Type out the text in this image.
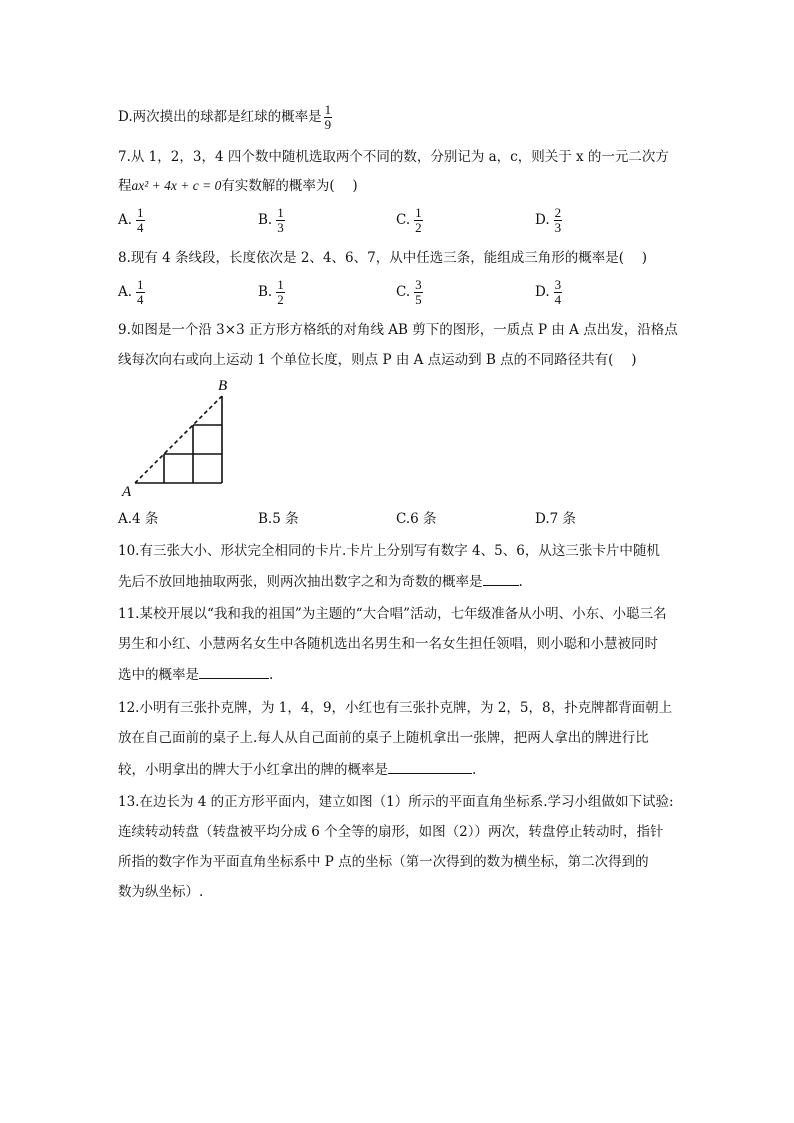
D.两次摸出的球都是红球的概率是 $\frac{1}{9}$
7.从 1，2，3，4 四个数中随机选取两个不同的数，分别记为 a，c，则关于 x 的一元二次方
程ax² + 4x + c = 0有实数解的概率为(　 )
A. $\frac{1}{4}$	B. $\frac{1}{3}$	C. $\frac{1}{2}$	D. $\frac{2}{3}$
8.现有 4 条线段，长度依次是 2、4、6、7，从中任选三条，能组成三角形的概率是(　 )
A. $\frac{1}{4}$	B. $\frac{1}{2}$	C. $\frac{3}{5}$	D. $\frac{3}{4}$
9.如图是一个沿 3×3 正方形方格纸的对角线 AB 剪下的图形，一质点 P 由 A 点出发，沿格点
线每次向右或向上运动 1 个单位长度，则点 P 由 A 点运动到 B 点的不同路径共有(　 )
A
B
A.4 条	B.5 条	C.6 条	D.7 条
10.有三张大小、形状完全相同的卡片.卡片上分别写有数字 4、5、6，从这三张卡片中随机
先后不放回地抽取两张，则两次抽出数字之和为奇数的概率是	.
11.某校开展以“我和我的祖国”为主题的“大合唱”活动，七年级准备从小明、小东、小聪三名
男生和小红、小慧两名女生中各随机选出名男生和一名女生担任领唱，则小聪和小慧被同时
选中的概率是	.
12.小明有三张扑克牌，为 1，4，9，小红也有三张扑克牌，为 2，5，8，扑克牌都背面朝上
放在自己面前的桌子上.每人从自己面前的桌子上随机拿出一张牌，把两人拿出的牌进行比
较，小明拿出的牌大于小红拿出的牌的概率是	.
13.在边长为 4 的正方形平面内，建立如图（1）所示的平面直角坐标系.学习小组做如下试验:
连续转动转盘（转盘被平均分成 6 个全等的扇形，如图（2））两次，转盘停止转动时，指针
所指的数字作为平面直角坐标系中 P 点的坐标（第一次得到的数为横坐标，第二次得到的
数为纵坐标）.
